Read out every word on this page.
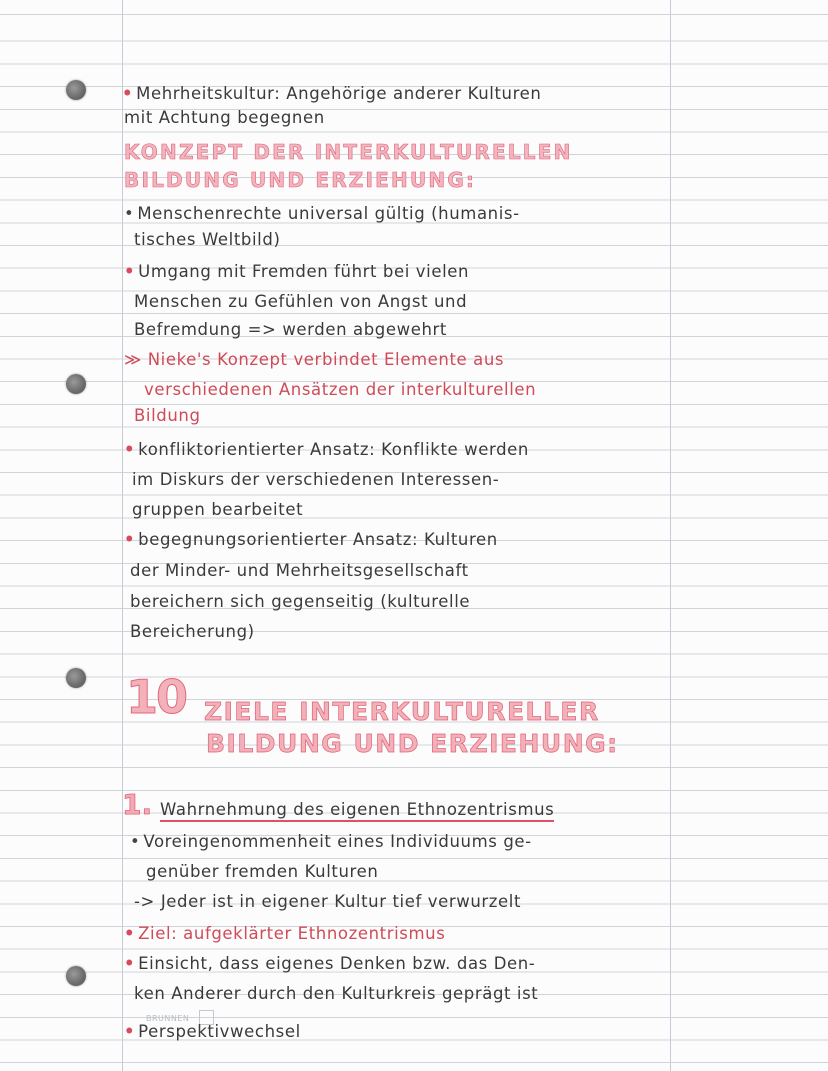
• Mehrheitskultur: Angehörige anderer Kulturen
mit Achtung begegnen
KONZEPT DER INTERKULTURELLEN
BILDUNG UND ERZIEHUNG:
• Menschenrechte universal gültig (humanis-
tisches Weltbild)
• Umgang mit Fremden führt bei vielen
Menschen zu Gefühlen von Angst und
Befremdung => werden abgewehrt
≫ Nieke's Konzept verbindet Elemente aus
verschiedenen Ansätzen der interkulturellen
Bildung
• konfliktorientierter Ansatz: Konflikte werden
im Diskurs der verschiedenen Interessen-
gruppen bearbeitet
• begegnungsorientierter Ansatz: Kulturen
der Minder- und Mehrheitsgesellschaft
bereichern sich gegenseitig (kulturelle
Bereicherung)
10 ZIELE INTERKULTURELLER
BILDUNG UND ERZIEHUNG:
1. Wahrnehmung des eigenen Ethnozentrismus
• Voreingenommenheit eines Individuums ge-
genüber fremden Kulturen
-> Jeder ist in eigener Kultur tief verwurzelt
• Ziel: aufgeklärter Ethnozentrismus
• Einsicht, dass eigenes Denken bzw. das Den-
ken Anderer durch den Kulturkreis geprägt ist
BRUNNEN
• Perspektivwechsel
